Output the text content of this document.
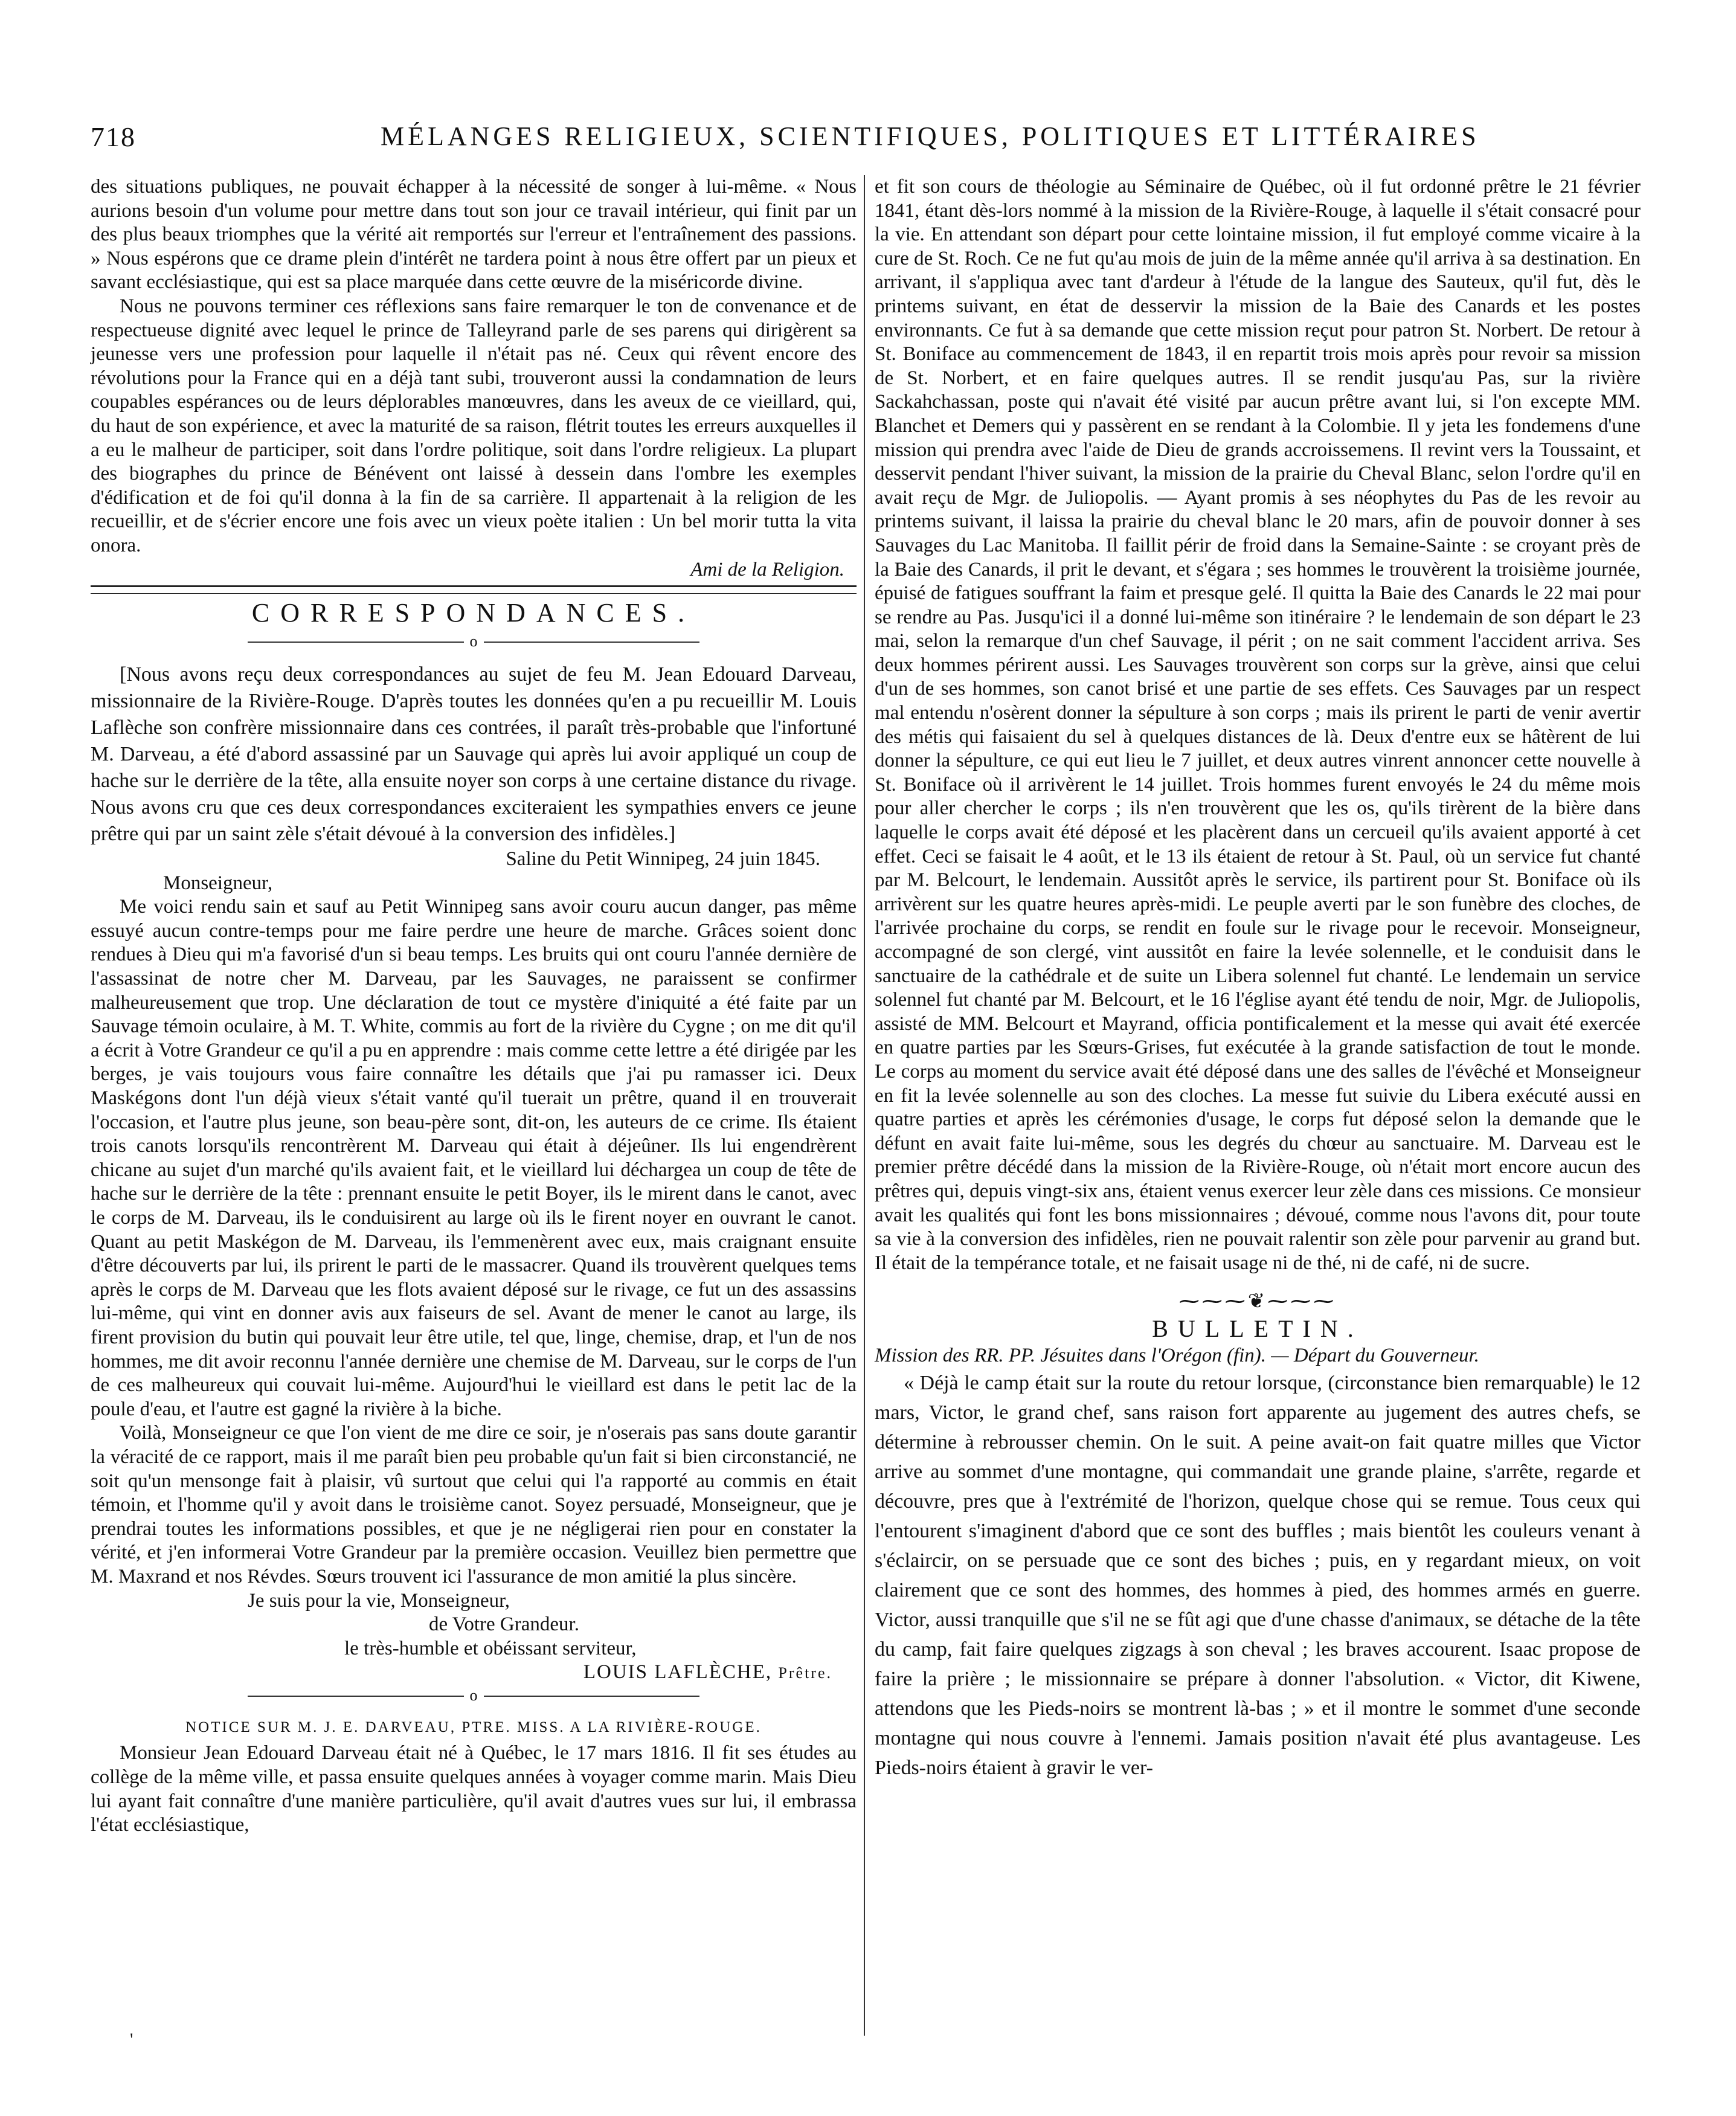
718	MÉLANGES RELIGIEUX, SCIENTIFIQUES, POLITIQUES ET LITTÉRAIRES

des situations publiques, ne pouvait échapper à la nécessité de songer à lui-même. « Nous aurions besoin d'un volume pour mettre dans tout son jour ce travail intérieur, qui finit par un des plus beaux triomphes que la vérité ait remportés sur l'erreur et l'entraînement des passions. » Nous espérons que ce drame plein d'intérêt ne tardera point à nous être offert par un pieux et savant ecclésiastique, qui est sa place marquée dans cette œuvre de la miséricorde divine.

Nous ne pouvons terminer ces réflexions sans faire remarquer le ton de convenance et de respectueuse dignité avec lequel le prince de Talleyrand parle de ses parens qui dirigèrent sa jeunesse vers une profession pour laquelle il n'était pas né. Ceux qui rêvent encore des révolutions pour la France qui en a déjà tant subi, trouveront aussi la condamnation de leurs coupables espérances ou de leurs déplorables manœuvres, dans les aveux de ce vieillard, qui, du haut de son expérience, et avec la maturité de sa raison, flétrit toutes les erreurs auxquelles il a eu le malheur de participer, soit dans l'ordre politique, soit dans l'ordre religieux. La plupart des biographes du prince de Bénévent ont laissé à dessein dans l'ombre les exemples d'édification et de foi qu'il donna à la fin de sa carrière. Il appartenait à la religion de les recueillir, et de s'écrier encore une fois avec un vieux poète italien : Un bel morir tutta la vita onora.

Ami de la Religion.

CORRESPONDANCES.
o

[Nous avons reçu deux correspondances au sujet de feu M. Jean Edouard Darveau, missionnaire de la Rivière-Rouge. D'après toutes les données qu'en a pu recueillir M. Louis Laflèche son confrère missionnaire dans ces contrées, il paraît très-probable que l'infortuné M. Darveau, a été d'abord assassiné par un Sauvage qui après lui avoir appliqué un coup de hache sur le derrière de la tête, alla ensuite noyer son corps à une certaine distance du rivage. Nous avons cru que ces deux correspondances exciteraient les sympathies envers ce jeune prêtre qui par un saint zèle s'était dévoué à la conversion des infidèles.]

Saline du Petit Winnipeg, 24 juin 1845.

Monseigneur,

Me voici rendu sain et sauf au Petit Winnipeg sans avoir couru aucun danger, pas même essuyé aucun contre-temps pour me faire perdre une heure de marche. Grâces soient donc rendues à Dieu qui m'a favorisé d'un si beau temps. Les bruits qui ont couru l'année dernière de l'assassinat de notre cher M. Darveau, par les Sauvages, ne paraissent se confirmer malheureusement que trop. Une déclaration de tout ce mystère d'iniquité a été faite par un Sauvage témoin oculaire, à M. T. White, commis au fort de la rivière du Cygne ; on me dit qu'il a écrit à Votre Grandeur ce qu'il a pu en apprendre : mais comme cette lettre a été dirigée par les berges, je vais toujours vous faire connaître les détails que j'ai pu ramasser ici. Deux Maskégons dont l'un déjà vieux s'était vanté qu'il tuerait un prêtre, quand il en trouverait l'occasion, et l'autre plus jeune, son beau-père sont, dit-on, les auteurs de ce crime. Ils étaient trois canots lorsqu'ils rencontrèrent M. Darveau qui était à déjeûner. Ils lui engendrèrent chicane au sujet d'un marché qu'ils avaient fait, et le vieillard lui déchargea un coup de tête de hache sur le derrière de la tête : prennant ensuite le petit Boyer, ils le mirent dans le canot, avec le corps de M. Darveau, ils le conduisirent au large où ils le firent noyer en ouvrant le canot. Quant au petit Maskégon de M. Darveau, ils l'emmenèrent avec eux, mais craignant ensuite d'être découverts par lui, ils prirent le parti de le massacrer. Quand ils trouvèrent quelques tems après le corps de M. Darveau que les flots avaient déposé sur le rivage, ce fut un des assassins lui-même, qui vint en donner avis aux faiseurs de sel. Avant de mener le canot au large, ils firent provision du butin qui pouvait leur être utile, tel que, linge, chemise, drap, et l'un de nos hommes, me dit avoir reconnu l'année dernière une chemise de M. Darveau, sur le corps de l'un de ces malheureux qui couvait lui-même. Aujourd'hui le vieillard est dans le petit lac de la poule d'eau, et l'autre est gagné la rivière à la biche.

Voilà, Monseigneur ce que l'on vient de me dire ce soir, je n'oserais pas sans doute garantir la véracité de ce rapport, mais il me paraît bien peu probable qu'un fait si bien circonstancié, ne soit qu'un mensonge fait à plaisir, vû surtout que celui qui l'a rapporté au commis en était témoin, et l'homme qu'il y avoit dans le troisième canot. Soyez persuadé, Monseigneur, que je prendrai toutes les informations possibles, et que je ne négligerai rien pour en constater la vérité, et j'en informerai Votre Grandeur par la première occasion. Veuillez bien permettre que M. Maxrand et nos Révdes. Sœurs trouvent ici l'assurance de mon amitié la plus sincère.

Je suis pour la vie, Monseigneur,

de Votre Grandeur.

le très-humble et obéissant serviteur,

LOUIS LAFLÈCHE, Prêtre.

o

NOTICE SUR M. J. E. DARVEAU, PTRE. MISS. A LA RIVIÈRE-ROUGE.

Monsieur Jean Edouard Darveau était né à Québec, le 17 mars 1816. Il fit ses études au collège de la même ville, et passa ensuite quelques années à voyager comme marin. Mais Dieu lui ayant fait connaître d'une manière particulière, qu'il avait d'autres vues sur lui, il embrassa l'état ecclésiastique,

et fit son cours de théologie au Séminaire de Québec, où il fut ordonné prêtre le 21 février 1841, étant dès-lors nommé à la mission de la Rivière-Rouge, à laquelle il s'était consacré pour la vie. En attendant son départ pour cette lointaine mission, il fut employé comme vicaire à la cure de St. Roch. Ce ne fut qu'au mois de juin de la même année qu'il arriva à sa destination. En arrivant, il s'appliqua avec tant d'ardeur à l'étude de la langue des Sauteux, qu'il fut, dès le printems suivant, en état de desservir la mission de la Baie des Canards et les postes environnants. Ce fut à sa demande que cette mission reçut pour patron St. Norbert. De retour à St. Boniface au commencement de 1843, il en repartit trois mois après pour revoir sa mission de St. Norbert, et en faire quelques autres. Il se rendit jusqu'au Pas, sur la rivière Sackahchassan, poste qui n'avait été visité par aucun prêtre avant lui, si l'on excepte MM. Blanchet et Demers qui y passèrent en se rendant à la Colombie. Il y jeta les fondemens d'une mission qui prendra avec l'aide de Dieu de grands accroissemens. Il revint vers la Toussaint, et desservit pendant l'hiver suivant, la mission de la prairie du Cheval Blanc, selon l'ordre qu'il en avait reçu de Mgr. de Juliopolis. — Ayant promis à ses néophytes du Pas de les revoir au printems suivant, il laissa la prairie du cheval blanc le 20 mars, afin de pouvoir donner à ses Sauvages du Lac Manitoba. Il faillit périr de froid dans la Semaine-Sainte : se croyant près de la Baie des Canards, il prit le devant, et s'égara ; ses hommes le trouvèrent la troisième journée, épuisé de fatigues souffrant la faim et presque gelé. Il quitta la Baie des Canards le 22 mai pour se rendre au Pas. Jusqu'ici il a donné lui-même son itinéraire ? le lendemain de son départ le 23 mai, selon la remarque d'un chef Sauvage, il périt ; on ne sait comment l'accident arriva. Ses deux hommes périrent aussi. Les Sauvages trouvèrent son corps sur la grève, ainsi que celui d'un de ses hommes, son canot brisé et une partie de ses effets. Ces Sauvages par un respect mal entendu n'osèrent donner la sépulture à son corps ; mais ils prirent le parti de venir avertir des métis qui faisaient du sel à quelques distances de là. Deux d'entre eux se hâtèrent de lui donner la sépulture, ce qui eut lieu le 7 juillet, et deux autres vinrent annoncer cette nouvelle à St. Boniface où il arrivèrent le 14 juillet. Trois hommes furent envoyés le 24 du même mois pour aller chercher le corps ; ils n'en trouvèrent que les os, qu'ils tirèrent de la bière dans laquelle le corps avait été déposé et les placèrent dans un cercueil qu'ils avaient apporté à cet effet. Ceci se faisait le 4 août, et le 13 ils étaient de retour à St. Paul, où un service fut chanté par M. Belcourt, le lendemain. Aussitôt après le service, ils partirent pour St. Boniface où ils arrivèrent sur les quatre heures après-midi. Le peuple averti par le son funèbre des cloches, de l'arrivée prochaine du corps, se rendit en foule sur le rivage pour le recevoir. Monseigneur, accompagné de son clergé, vint aussitôt en faire la levée solennelle, et le conduisit dans le sanctuaire de la cathédrale et de suite un Libera solennel fut chanté. Le lendemain un service solennel fut chanté par M. Belcourt, et le 16 l'église ayant été tendu de noir, Mgr. de Juliopolis, assisté de MM. Belcourt et Mayrand, officia pontificalement et la messe qui avait été exercée en quatre parties par les Sœurs-Grises, fut exécutée à la grande satisfaction de tout le monde. Le corps au moment du service avait été déposé dans une des salles de l'évêché et Monseigneur en fit la levée solennelle au son des cloches. La messe fut suivie du Libera exécuté aussi en quatre parties et après les cérémonies d'usage, le corps fut déposé selon la demande que le défunt en avait faite lui-même, sous les degrés du chœur au sanctuaire. M. Darveau est le premier prêtre décédé dans la mission de la Rivière-Rouge, où n'était mort encore aucun des prêtres qui, depuis vingt-six ans, étaient venus exercer leur zèle dans ces missions. Ce monsieur avait les qualités qui font les bons missionnaires ; dévoué, comme nous l'avons dit, pour toute sa vie à la conversion des infidèles, rien ne pouvait ralentir son zèle pour parvenir au grand but. Il était de la tempérance totale, et ne faisait usage ni de thé, ni de café, ni de sucre.

⁓⁓⁓❦⁓⁓⁓
BULLETIN.

Mission des RR. PP. Jésuites dans l'Orégon (fin). — Départ du Gouverneur.

« Déjà le camp était sur la route du retour lorsque, (circonstance bien remarquable) le 12 mars, Victor, le grand chef, sans raison fort apparente au jugement des autres chefs, se détermine à rebrousser chemin. On le suit. A peine avait-on fait quatre milles que Victor arrive au sommet d'une montagne, qui commandait une grande plaine, s'arrête, regarde et découvre, pres que à l'extrémité de l'horizon, quelque chose qui se remue. Tous ceux qui l'entourent s'imaginent d'abord que ce sont des buffles ; mais bientôt les couleurs venant à s'éclaircir, on se persuade que ce sont des biches ; puis, en y regardant mieux, on voit clairement que ce sont des hommes, des hommes à pied, des hommes armés en guerre. Victor, aussi tranquille que s'il ne se fût agi que d'une chasse d'animaux, se détache de la tête du camp, fait faire quelques zigzags à son cheval ; les braves accourent. Isaac propose de faire la prière ; le missionnaire se prépare à donner l'absolution. « Victor, dit Kiwene, attendons que les Pieds-noirs se montrent là-bas ; » et il montre le sommet d'une seconde montagne qui nous couvre à l'ennemi. Jamais position n'avait été plus avantageuse. Les Pieds-noirs étaient à gravir le ver-

'
